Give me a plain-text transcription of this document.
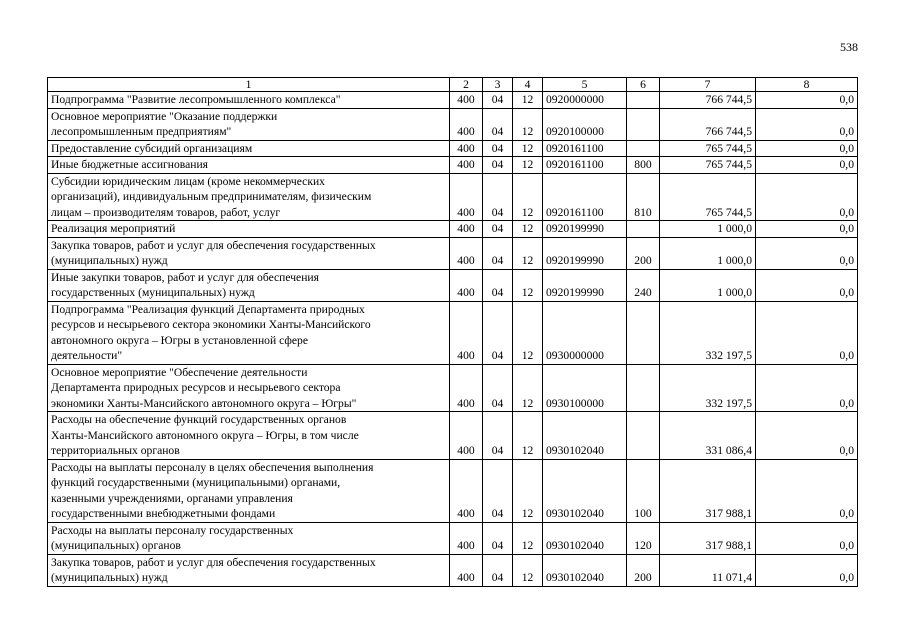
538
1	2	3	4	5	6	7	8

Подпрограмма "Развитие лесопромышленного комплекса"	400	04	12	0920000000		766 744,5	0,0

Основное мероприятие "Оказание поддержки
лесопромышленным предприятиям"	400	04	12	0920100000		766 744,5	0,0

Предоставление субсидий организациям	400	04	12	0920161100		765 744,5	0,0

Иные бюджетные ассигнования	400	04	12	0920161100	800	765 744,5	0,0

Субсидии юридическим лицам (кроме некоммерческих
организаций), индивидуальным предпринимателям, физическим
лицам – производителям товаров, работ, услуг	400	04	12	0920161100	810	765 744,5	0,0

Реализация мероприятий	400	04	12	0920199990		1 000,0	0,0

Закупка товаров, работ и услуг для обеспечения государственных
(муниципальных) нужд	400	04	12	0920199990	200	1 000,0	0,0

Иные закупки товаров, работ и услуг для обеспечения
государственных (муниципальных) нужд	400	04	12	0920199990	240	1 000,0	0,0

Подпрограмма "Реализация функций Департамента природных
ресурсов и несырьевого сектора экономики Ханты-Мансийского
автономного округа – Югры в установленной сфере
деятельности"	400	04	12	0930000000		332 197,5	0,0

Основное мероприятие "Обеспечение деятельности
Департамента природных ресурсов и несырьевого сектора
экономики Ханты-Мансийского автономного округа – Югры"	400	04	12	0930100000		332 197,5	0,0

Расходы на обеспечение функций государственных органов
Ханты-Мансийского автономного округа – Югры, в том числе
территориальных органов	400	04	12	0930102040		331 086,4	0,0

Расходы на выплаты персоналу в целях обеспечения выполнения
функций государственными (муниципальными) органами,
казенными учреждениями, органами управления
государственными внебюджетными фондами	400	04	12	0930102040	100	317 988,1	0,0

Расходы на выплаты персоналу государственных
(муниципальных) органов	400	04	12	0930102040	120	317 988,1	0,0

Закупка товаров, работ и услуг для обеспечения государственных
(муниципальных) нужд	400	04	12	0930102040	200	11 071,4	0,0
